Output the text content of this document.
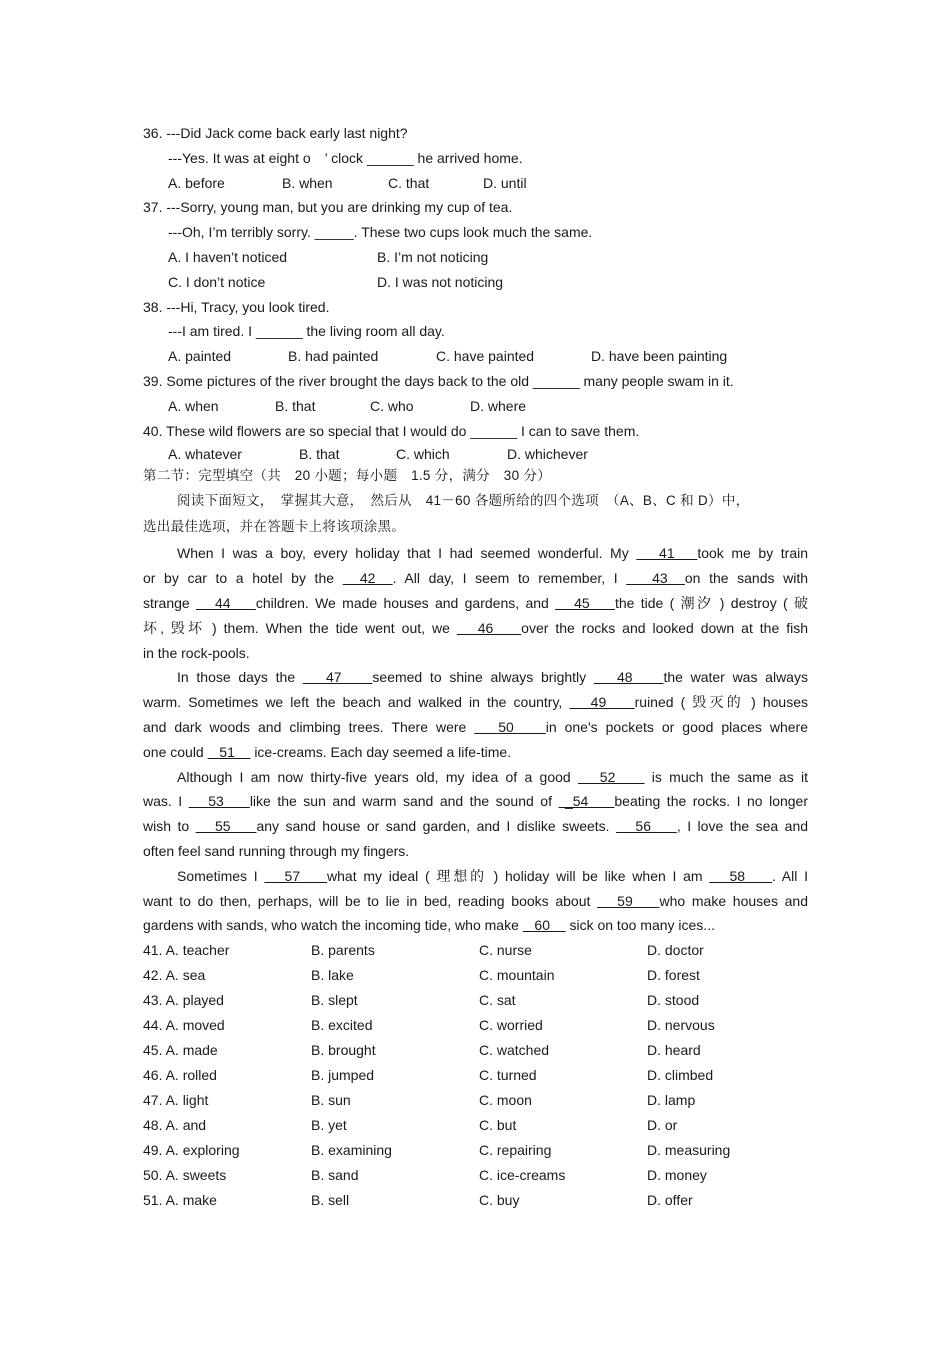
36. ---Did Jack come back early last night?
---Yes. It was at eight o　’ clock ______ he arrived home.
A. before	B. when	C. that	D. until
37. ---Sorry, young man, but you are drinking my cup of tea.
---Oh, I’m terribly sorry. _____. These two cups look much the same.
A. I haven’t noticed	B. I’m not noticing
C. I don’t notice	D. I was not noticing
38. ---Hi, Tracy, you look tired.
---I am tired. I ______ the living room all day.
A. painted	B. had painted	C. have painted	D. have been painting
39. Some pictures of the river brought the days back to the old ______ many people swam in it.
A. when	B. that	C. who	D. where
40. These wild flowers are so special that I would do ______ I can to save them.
A. whatever	B. that	C. which	D. whichever
第二节：完型填空（共　20 小题；每小题　1.5 分，满分　30 分）
阅读下面短文，　掌握其大意，　然后从　41－60 各题所给的四个选项　（A、B、C 和 D）中，
选出最佳选项，并在答题卡上将该项涂黑。
When I was a boy, every holiday that I had seemed wonderful. My    41   took me by train
or by car to a hotel by the   42  . All day, I seem to remember, I    43  on the sands with
strange    44    children. We made houses and gardens, and    45    the tide ( 潮汐 ) destroy ( 破
坏, 毁坏 ) them. When the tide went out, we    46    over the rocks and looked down at the fish
in the rock-pools.
In those days the    47    seemed to shine always brightly    48    the water was always
warm. Sometimes we left the beach and walked in the country,    49    ruined ( 毁灭的 ) houses
and dark woods and climbing trees. There were    50    in one's pockets or good places where
one could    51     ice-creams. Each day seemed a life-time.
Although I am now thirty-five years old, my idea of a good    52     is much the same as it
was. I    53    like the sun and warm sand and the sound of  _54    beating the rocks. I no longer
wish to    55    any sand house or sand garden, and I dislike sweets.    56    , I love the sea and
often feel sand running through my fingers.
Sometimes I    57    what my ideal ( 理想的 ) holiday will be like when I am    58    . All I
want to do then, perhaps, will be to lie in bed, reading books about    59    who make houses and
gardens with sands, who watch the incoming tide, who make    60     sick on too many ices...
41. A. teacher	B. parents	C. nurse	D. doctor
42. A. sea	B. lake	C. mountain	D. forest
43. A. played	B. slept	C. sat	D. stood
44. A. moved	B. excited	C. worried	D. nervous
45. A. made	B. brought	C. watched	D. heard
46. A. rolled	B. jumped	C. turned	D. climbed
47. A. light	B. sun	C. moon	D. lamp
48. A. and	B. yet	C. but	D. or
49. A. exploring	B. examining	C. repairing	D. measuring
50. A. sweets	B. sand	C. ice-creams	D. money
51. A. make	B. sell	C. buy	D. offer
